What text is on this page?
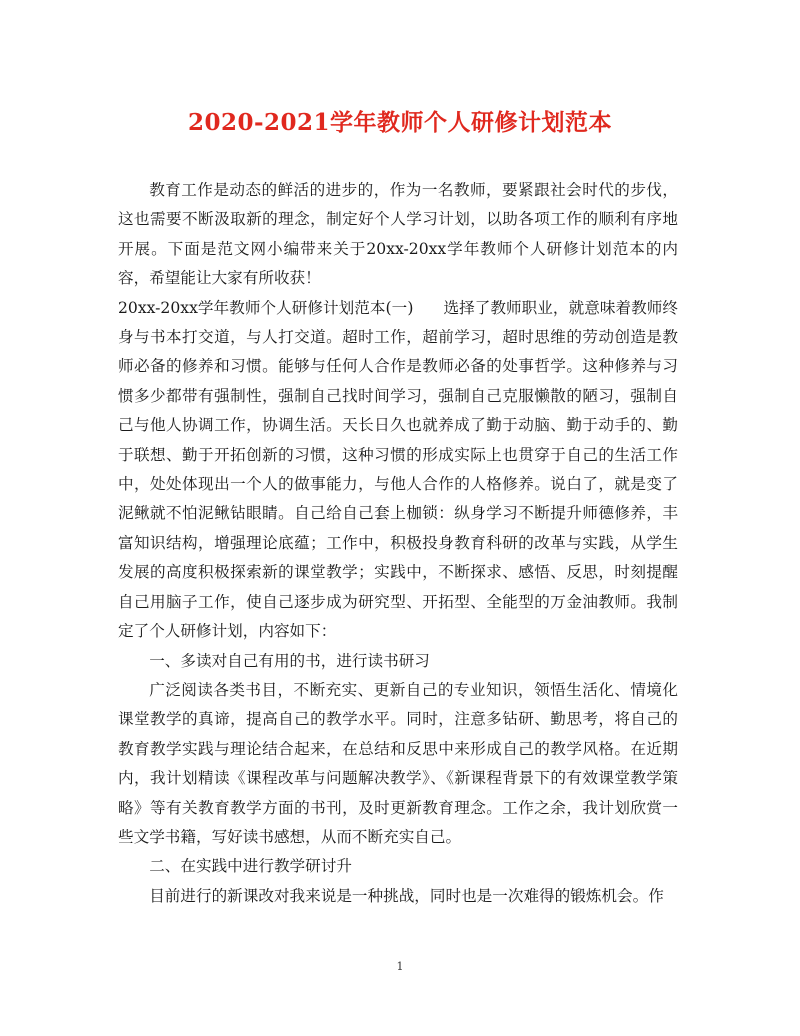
2020-2021学年教师个人研修计划范本

教育工作是动态的鲜活的进步的，作为一名教师，要紧跟社会时代的步伐，这也需要不断汲取新的理念，制定好个人学习计划，以助各项工作的顺利有序地开展。下面是范文网小编带来关于20xx-20xx学年教师个人研修计划范本的内容，希望能让大家有所收获！

20xx-20xx学年教师个人研修计划范本(一) 选择了教师职业，就意味着教师终身与书本打交道，与人打交道。超时工作，超前学习，超时思维的劳动创造是教师必备的修养和习惯。能够与任何人合作是教师必备的处事哲学。这种修养与习惯多少都带有强制性，强制自己找时间学习，强制自己克服懒散的陋习，强制自己与他人协调工作，协调生活。天长日久也就养成了勤于动脑、勤于动手的、勤于联想、勤于开拓创新的习惯，这种习惯的形成实际上也贯穿于自己的生活工作中，处处体现出一个人的做事能力，与他人合作的人格修养。说白了，就是变了泥鳅就不怕泥鳅钻眼睛。自己给自己套上枷锁：纵身学习不断提升师德修养，丰富知识结构，增强理论底蕴；工作中，积极投身教育科研的改革与实践，从学生发展的高度积极探索新的课堂教学；实践中，不断探求、感悟、反思，时刻提醒自己用脑子工作，使自己逐步成为研究型、开拓型、全能型的万金油教师。我制定了个人研修计划，内容如下：

一、多读对自己有用的书，进行读书研习

广泛阅读各类书目，不断充实、更新自己的专业知识，领悟生活化、情境化课堂教学的真谛，提高自己的教学水平。同时，注意多钻研、勤思考，将自己的教育教学实践与理论结合起来，在总结和反思中来形成自己的教学风格。在近期内，我计划精读《课程改革与问题解决教学》、《新课程背景下的有效课堂教学策略》等有关教育教学方面的书刊，及时更新教育理念。工作之余，我计划欣赏一些文学书籍，写好读书感想，从而不断充实自己。

二、在实践中进行教学研讨升

目前进行的新课改对我来说是一种挑战，同时也是一次难得的锻炼机会。作

1
